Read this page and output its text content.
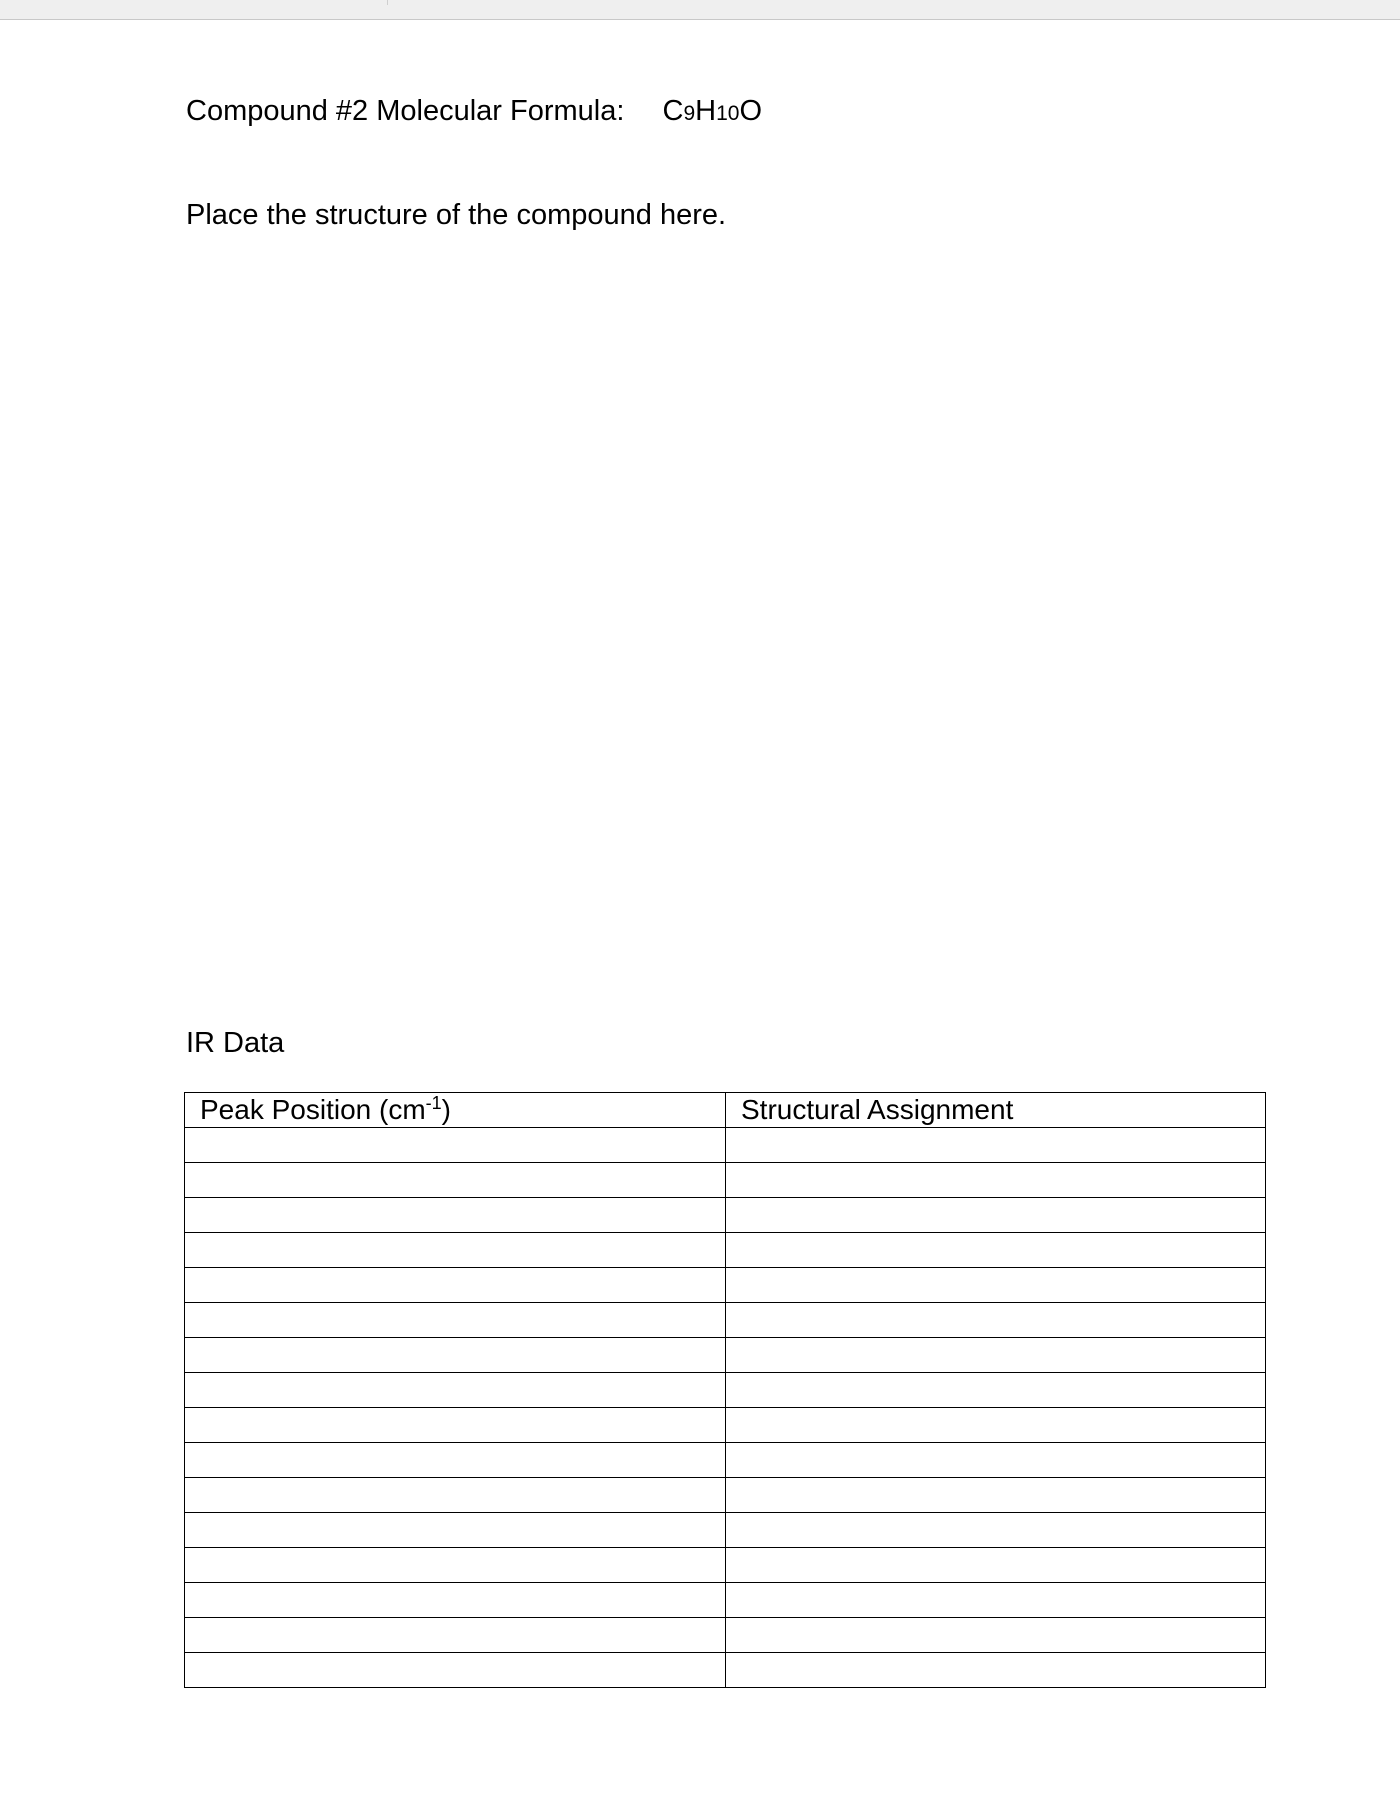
Compound #2 Molecular Formula: C9H10O
Place the structure of the compound here.
IR Data
Peak Position $(cm^{-1})$	Structural Assignment
